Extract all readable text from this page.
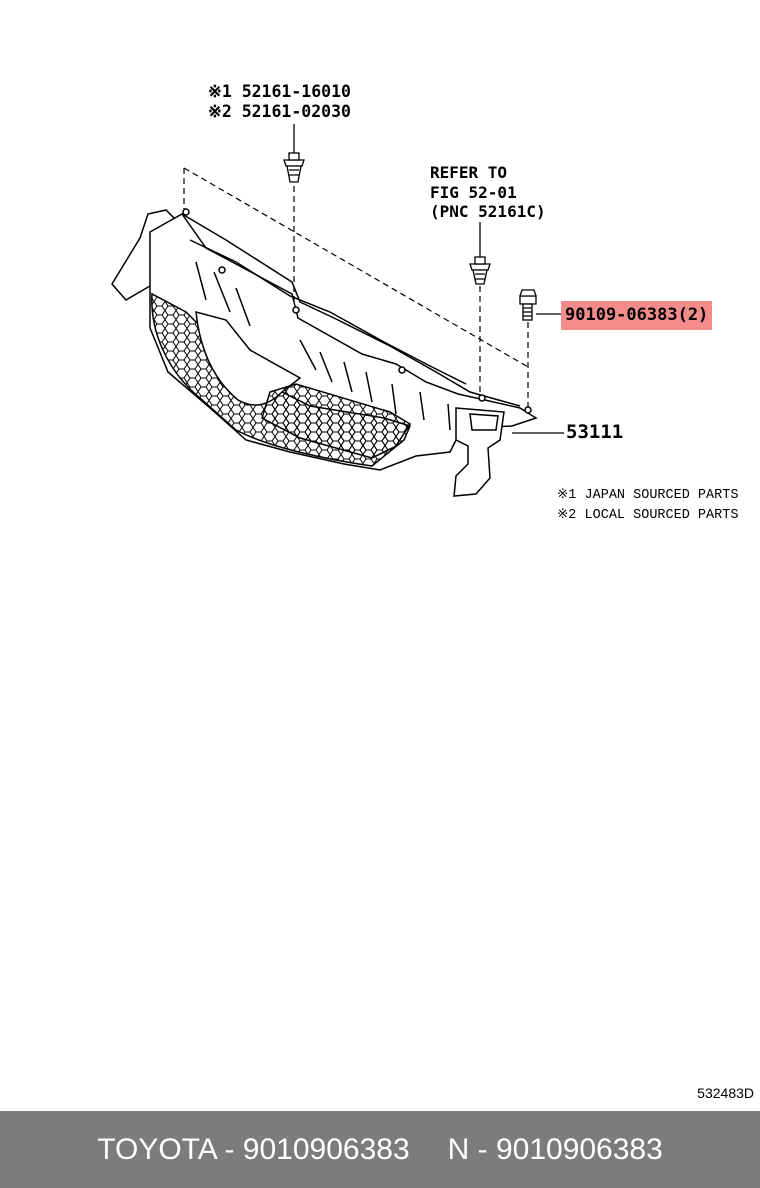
※1 52161-16010
※2 52161-02030
REFER TO
FIG 52-01
(PNC 52161C)
90109-06383(2)
53111
※1 JAPAN SOURCED PARTS
※2 LOCAL SOURCED PARTS
532483D
TOYOTA - 9010906383 N - 9010906383
